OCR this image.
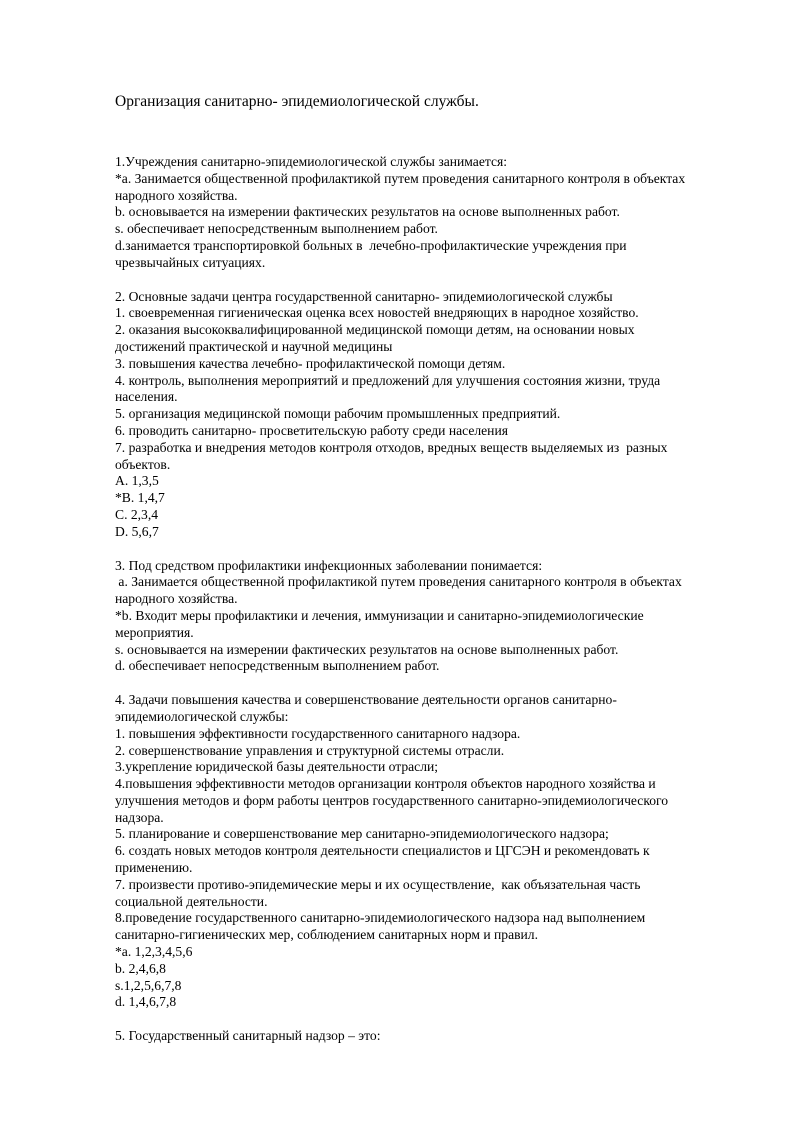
Организация санитарно- эпидемиологической службы.

1.Учреждения санитарно-эпидемиологической службы занимается:

*a. Занимается общественной профилактикой путем проведения санитарного контроля в объектах

народного хозяйства.

b. основывается на измерении фактических результатов на основе выполненных работ.

s. обеспечивает непосредственным выполнением работ.

d.занимается транспортировкой больных в  лечебно-профилактические учреждения при

чрезвычайных ситуациях.

2. Основные задачи центра государственной санитарно- эпидемиологической службы

1. своевременная гигиеническая оценка всех новостей внедряющих в народное хозяйство.

2. оказания высококвалифицированной медицинской помощи детям, на основании новых

достижений практической и научной медицины

3. повышения качества лечебно- профилактической помощи детям.

4. контроль, выполнения мероприятий и предложений для улучшения состояния жизни, труда

населения.

5. организация медицинской помощи рабочим промышленных предприятий.

6. проводить санитарно- просветительскую работу среди населения

7. разработка и внедрения методов контроля отходов, вредных веществ выделяемых из  разных

объектов.

A. 1,3,5

*B. 1,4,7

C. 2,3,4

D. 5,6,7

3. Под средством профилактики инфекционных заболевании понимается:

a. Занимается общественной профилактикой путем проведения санитарного контроля в объектах

народного хозяйства.

*b. Входит меры профилактики и лечения, иммунизации и санитарно-эпидемиологические

мероприятия.

s. основывается на измерении фактических результатов на основе выполненных работ.

d. обеспечивает непосредственным выполнением работ.

4. Задачи повышения качества и совершенствование деятельности органов санитарно-

эпидемиологической службы:

1. повышения эффективности государственного санитарного надзора.

2. совершенствование управления и структурной системы отрасли.

3.укрепление юридической базы деятельности отрасли;

4.повышения эффективности методов организации контроля объектов народного хозяйства и

улучшения методов и форм работы центров государственного санитарно-эпидемиологического

надзора.

5. планирование и совершенствование мер санитарно-эпидемиологического надзора;

6. создать новых методов контроля деятельности специалистов и ЦГСЭН и рекомендовать к

применению.

7. произвести противо-эпидемические меры и их осуществление,  как объязательная часть

социальной деятельности.

8.проведение государственного санитарно-эпидемиологического надзора над выполнением

санитарно-гигиенических мер, соблюдением санитарных норм и правил.

*a. 1,2,3,4,5,6

b. 2,4,6,8

s.1,2,5,6,7,8

d. 1,4,6,7,8

5. Государственный санитарный надзор – это:
